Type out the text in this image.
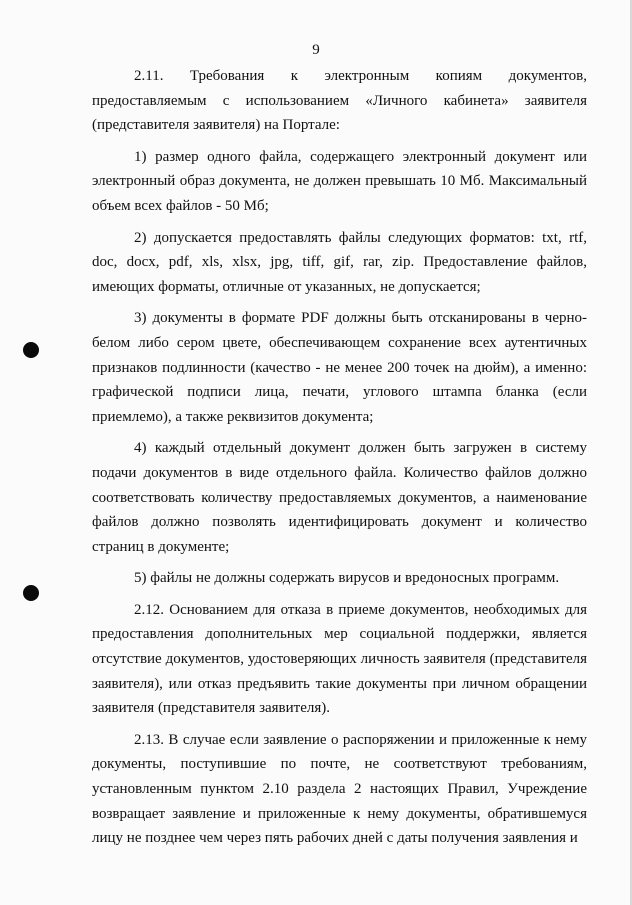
9

2.11. Требования к электронным копиям документов, предоставляемым с использованием «Личного кабинета» заявителя (представителя заявителя) на Портале:

1) размер одного файла, содержащего электронный документ или электронный образ документа, не должен превышать 10 Мб. Максимальный объем всех файлов - 50 Мб;

2) допускается предоставлять файлы следующих форматов: txt, rtf, doc, docx, pdf, xls, xlsx, jpg, tiff, gif, rar, zip. Предоставление файлов, имеющих форматы, отличные от указанных, не допускается;

3) документы в формате PDF должны быть отсканированы в черно-белом либо сером цвете, обеспечивающем сохранение всех аутентичных признаков подлинности (качество - не менее 200 точек на дюйм), а именно: графической подписи лица, печати, углового штампа бланка (если приемлемо), а также реквизитов документа;

4) каждый отдельный документ должен быть загружен в систему подачи документов в виде отдельного файла. Количество файлов должно соответствовать количеству предоставляемых документов, а наименование файлов должно позволять идентифицировать документ и количество страниц в документе;

5) файлы не должны содержать вирусов и вредоносных программ.

2.12. Основанием для отказа в приеме документов, необходимых для предоставления дополнительных мер социальной поддержки, является отсутствие документов, удостоверяющих личность заявителя (представителя заявителя), или отказ предъявить такие документы при личном обращении заявителя (представителя заявителя).

2.13. В случае если заявление о распоряжении и приложенные к нему документы, поступившие по почте, не соответствуют требованиям, установленным пунктом 2.10 раздела 2 настоящих Правил, Учреждение возвращает заявление и приложенные к нему документы, обратившемуся лицу не позднее чем через пять рабочих дней с даты получения заявления и
